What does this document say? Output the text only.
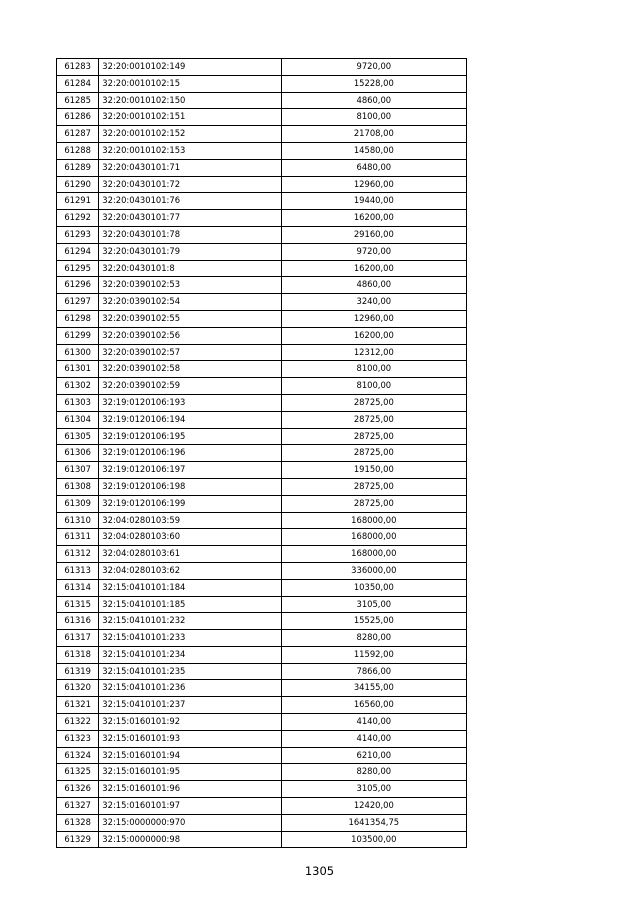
61283	32:20:0010102:149	9720,00
61284	32:20:0010102:15	15228,00
61285	32:20:0010102:150	4860,00
61286	32:20:0010102:151	8100,00
61287	32:20:0010102:152	21708,00
61288	32:20:0010102:153	14580,00
61289	32:20:0430101:71	6480,00
61290	32:20:0430101:72	12960,00
61291	32:20:0430101:76	19440,00
61292	32:20:0430101:77	16200,00
61293	32:20:0430101:78	29160,00
61294	32:20:0430101:79	9720,00
61295	32:20:0430101:8	16200,00
61296	32:20:0390102:53	4860,00
61297	32:20:0390102:54	3240,00
61298	32:20:0390102:55	12960,00
61299	32:20:0390102:56	16200,00
61300	32:20:0390102:57	12312,00
61301	32:20:0390102:58	8100,00
61302	32:20:0390102:59	8100,00
61303	32:19:0120106:193	28725,00
61304	32:19:0120106:194	28725,00
61305	32:19:0120106:195	28725,00
61306	32:19:0120106:196	28725,00
61307	32:19:0120106:197	19150,00
61308	32:19:0120106:198	28725,00
61309	32:19:0120106:199	28725,00
61310	32:04:0280103:59	168000,00
61311	32:04:0280103:60	168000,00
61312	32:04:0280103:61	168000,00
61313	32:04:0280103:62	336000,00
61314	32:15:0410101:184	10350,00
61315	32:15:0410101:185	3105,00
61316	32:15:0410101:232	15525,00
61317	32:15:0410101:233	8280,00
61318	32:15:0410101:234	11592,00
61319	32:15:0410101:235	7866,00
61320	32:15:0410101:236	34155,00
61321	32:15:0410101:237	16560,00
61322	32:15:0160101:92	4140,00
61323	32:15:0160101:93	4140,00
61324	32:15:0160101:94	6210,00
61325	32:15:0160101:95	8280,00
61326	32:15:0160101:96	3105,00
61327	32:15:0160101:97	12420,00
61328	32:15:0000000:970	1641354,75
61329	32:15:0000000:98	103500,00
1305
